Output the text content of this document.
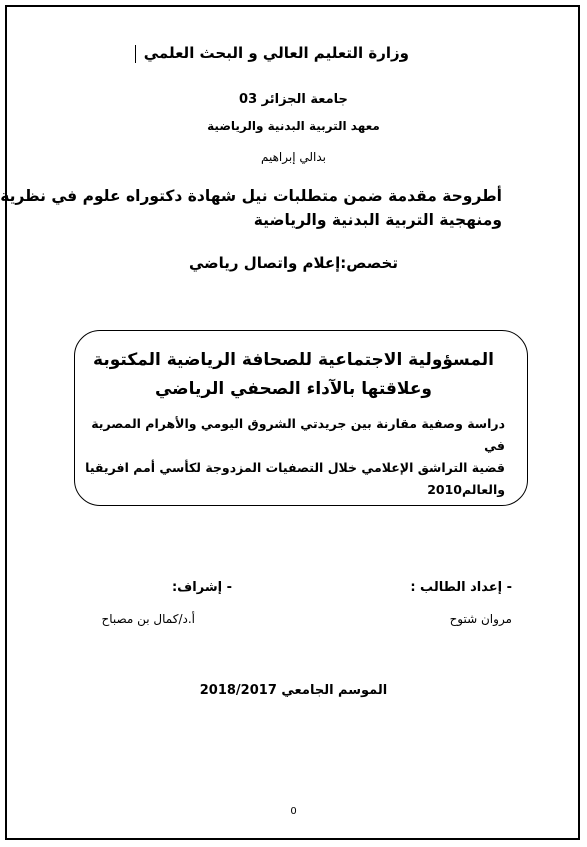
وزارة التعليم العالي و البحث العلمي
جامعة الجزائر 03
معهد التربية البدنية والرياضية
بدالي إبراهيم
أطروحة مقدمة ضمن متطلبات نيل شهادة دكتوراه علوم في نظرية
ومنهجية التربية البدنية والرياضية
تخصص:إعلام واتصال رياضي
المسؤولية الاجتماعية للصحافة الرياضية المكتوبة
وعلاقتها بالآداء الصحفي الرياضي
دراسة وصفية مقارنة بين جريدتي الشروق اليومي والأهرام المصرية في
قضية التراشق الإعلامي خلال التصفيات المزدوجة لكأسي أمم افريقيا
والعالم2010
- إعداد الطالب :
- إشراف:
مروان شتوح
أ.د/كمال بن مصباح
الموسم الجامعي 2018/2017
0
